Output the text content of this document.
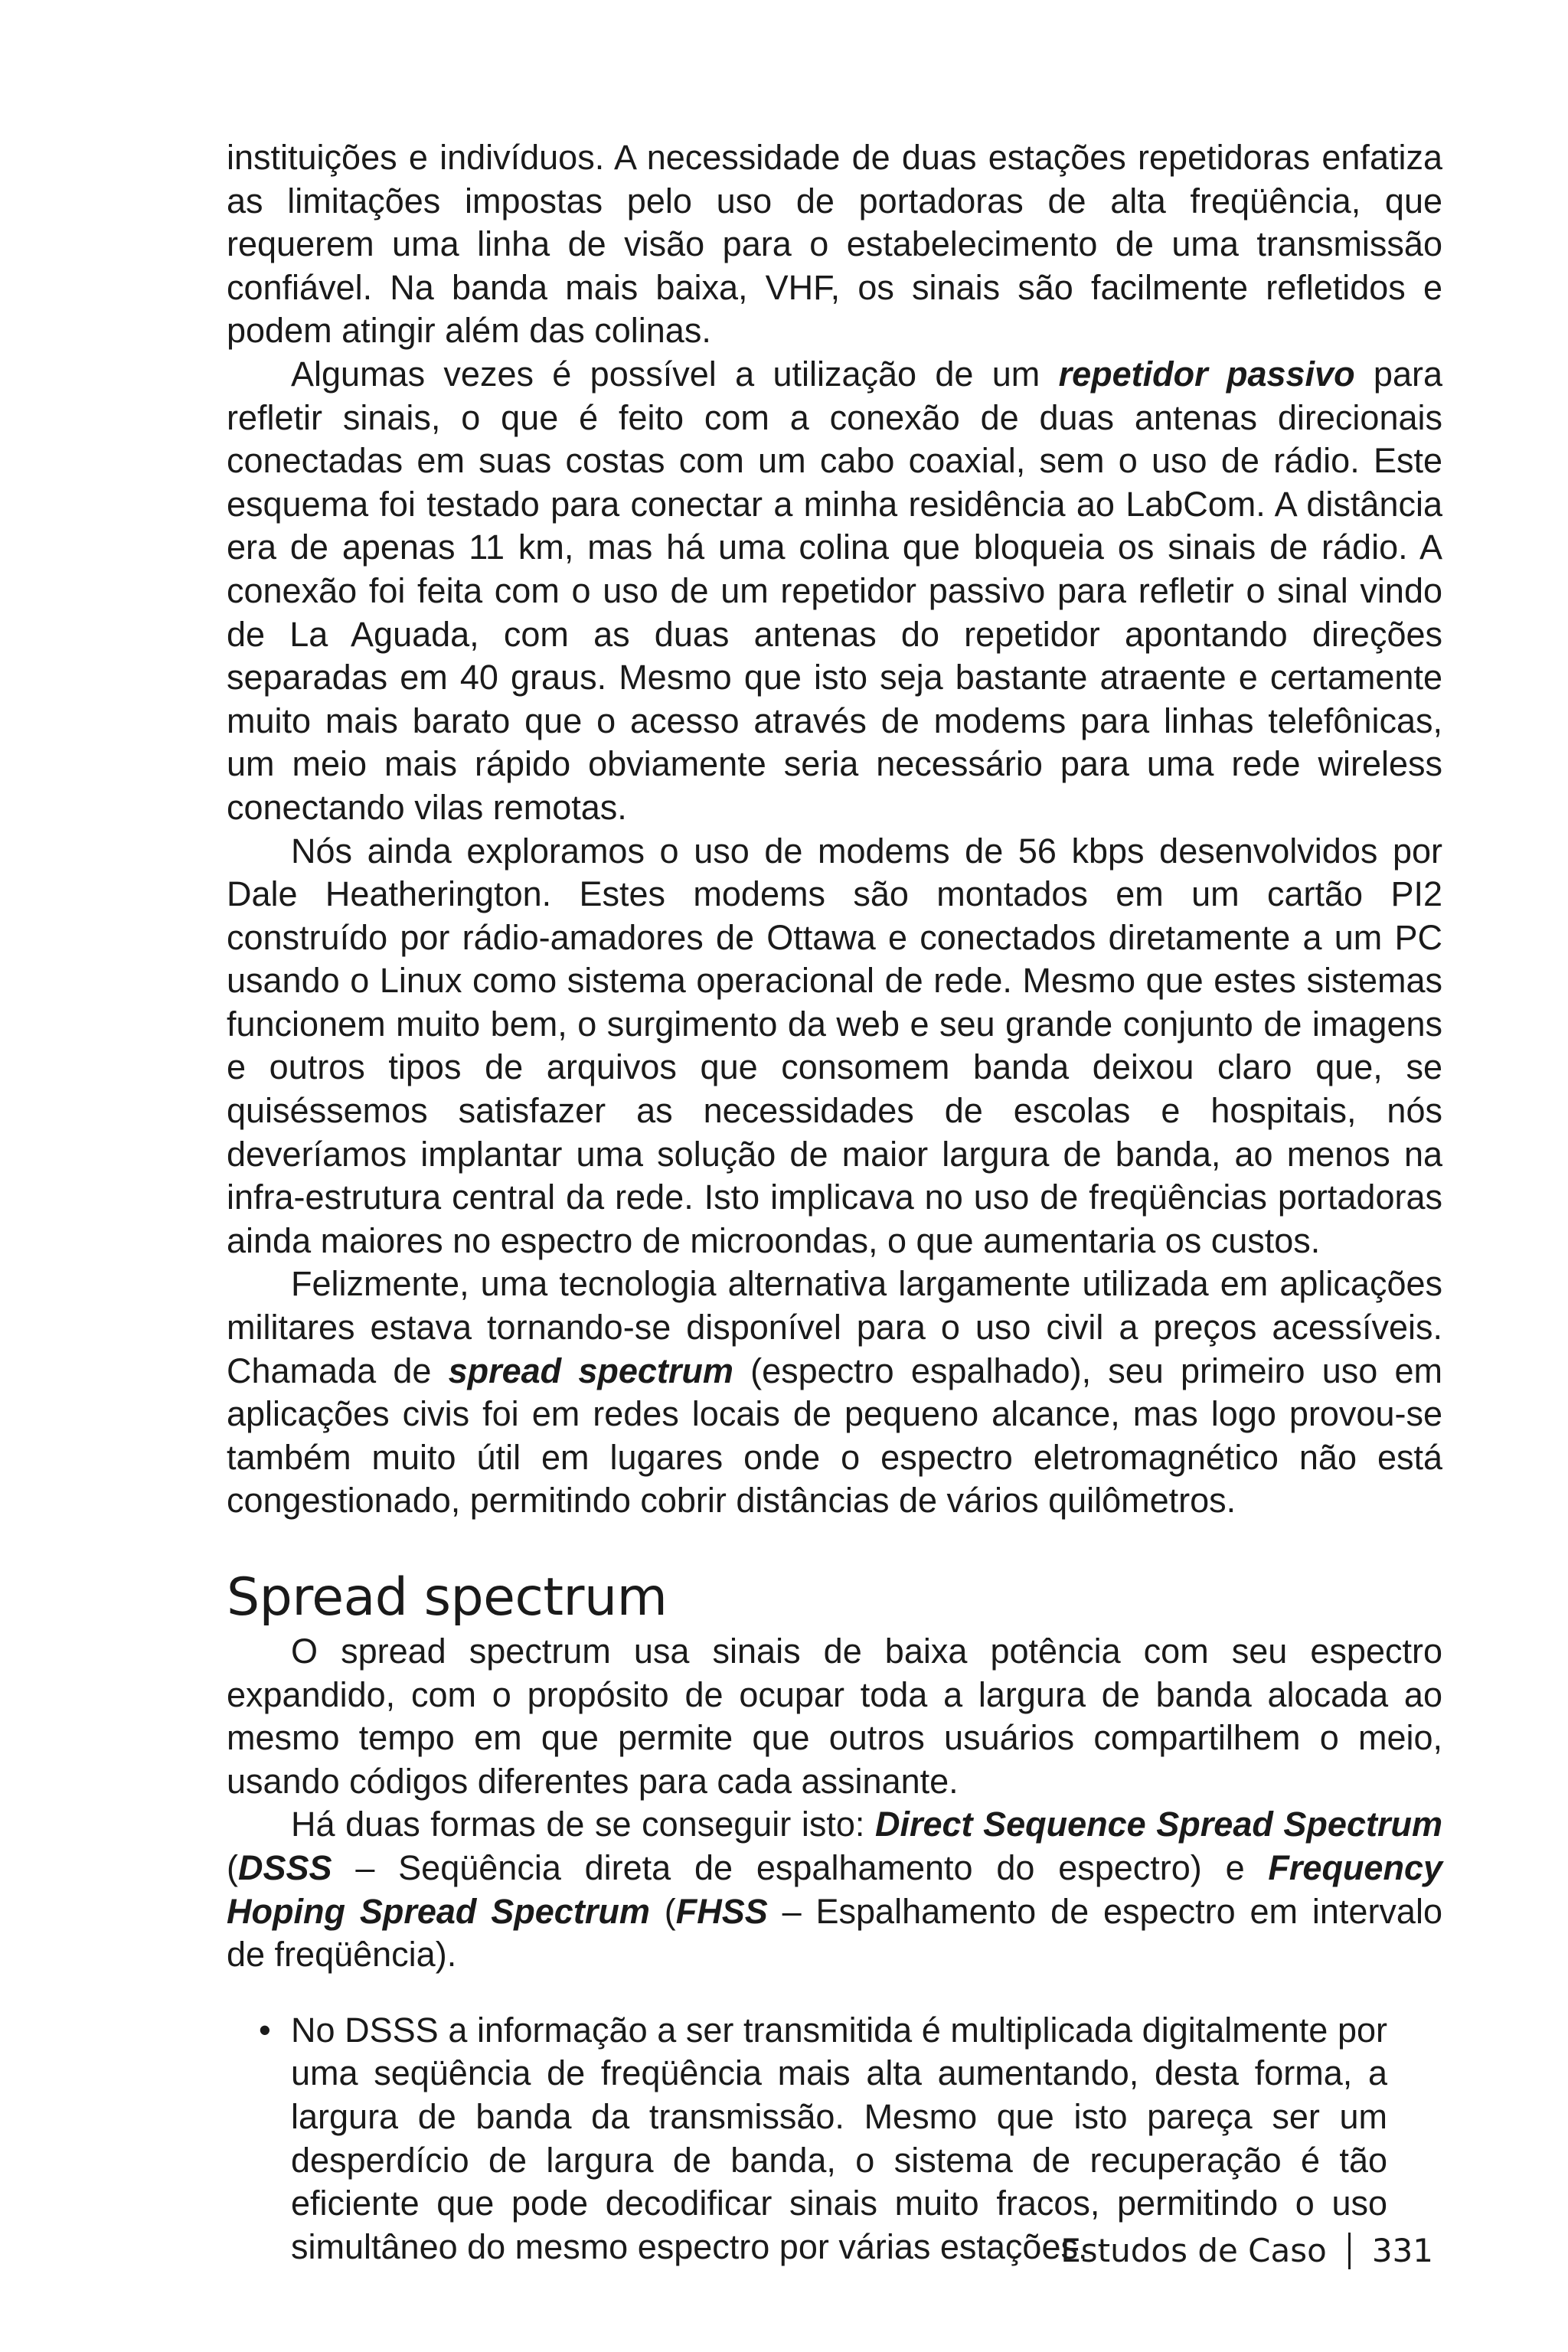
instituições e indivíduos. A necessidade de duas estações repetidoras enfatiza as limitações impostas pelo uso de portadoras de alta freqüência, que requerem uma linha de visão para o estabelecimento de uma transmissão confiável. Na banda mais baixa, VHF, os sinais são facilmente refletidos e podem atingir além das colinas.

Algumas vezes é possível a utilização de um repetidor passivo para refletir sinais, o que é feito com a conexão de duas antenas direcionais conectadas em suas costas com um cabo coaxial, sem o uso de rádio. Este esquema foi testado para conectar a minha residência ao LabCom. A distância era de apenas 11 km, mas há uma colina que bloqueia os sinais de rádio. A conexão foi feita com o uso de um repetidor passivo para refletir o sinal vindo de La Aguada, com as duas antenas do repetidor apontando direções separadas em 40 graus. Mesmo que isto seja bastante atraente e certamente muito mais barato que o acesso através de modems para linhas telefônicas, um meio mais rápido obviamente seria necessário para uma rede wireless conectando vilas remotas.

Nós ainda exploramos o uso de modems de 56 kbps desenvolvidos por Dale Heatherington. Estes modems são montados em um cartão PI2 construído por rádio-amadores de Ottawa e conectados diretamente a um PC usando o Linux como sistema operacional de rede. Mesmo que estes sistemas funcionem muito bem, o surgimento da web e seu grande conjunto de imagens e outros tipos de arquivos que consomem banda deixou claro que, se quiséssemos satisfazer as necessidades de escolas e hospitais, nós deveríamos implantar uma solução de maior largura de banda, ao menos na infra-estrutura central da rede. Isto implicava no uso de freqüências portadoras ainda maiores no espectro de microondas, o que aumentaria os custos.

Felizmente, uma tecnologia alternativa largamente utilizada em aplicações militares estava tornando-se disponível para o uso civil a preços acessíveis. Chamada de spread spectrum (espectro espalhado), seu primeiro uso em aplicações civis foi em redes locais de pequeno alcance, mas logo provou-se também muito útil em lugares onde o espectro eletromagnético não está congestionado, permitindo cobrir distâncias de vários quilômetros.

Spread spectrum

O spread spectrum usa sinais de baixa potência com seu espectro expandido, com o propósito de ocupar toda a largura de banda alocada ao mesmo tempo em que permite que outros usuários compartilhem o meio, usando códigos diferentes para cada assinante.

Há duas formas de se conseguir isto: Direct Sequence Spread Spectrum (DSSS – Seqüência direta de espalhamento do espectro) e Frequency Hoping Spread Spectrum (FHSS – Espalhamento de espectro em intervalo de freqüência).

• No DSSS a informação a ser transmitida é multiplicada digitalmente por uma seqüência de freqüência mais alta aumentando, desta forma, a largura de banda da transmissão. Mesmo que isto pareça ser um desperdício de largura de banda, o sistema de recuperação é tão eficiente que pode decodificar sinais muito fracos, permitindo o uso simultâneo do mesmo espectro por várias estações.
Estudos de Caso 331
